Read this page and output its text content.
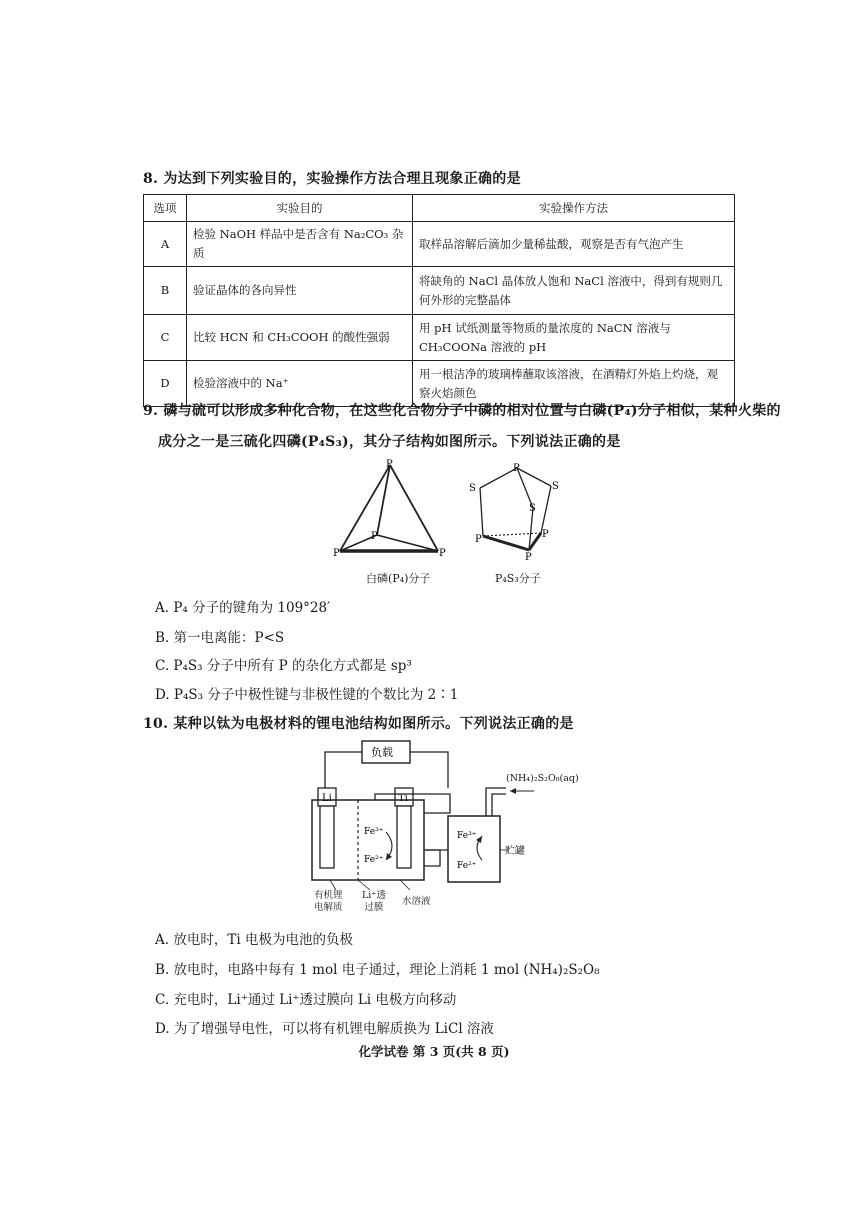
8. 为达到下列实验目的，实验操作方法合理且现象正确的是
选项	实验目的	实验操作方法
A	检验 NaOH 样品中是否含有 Na₂CO₃ 杂质	取样品溶解后滴加少量稀盐酸，观察是否有气泡产生
B	验证晶体的各向异性	将缺角的 NaCl 晶体放人饱和 NaCl 溶液中，得到有规则几何外形的完整晶体
C	比较 HCN 和 CH₃COOH 的酸性强弱	用 pH 试纸测量等物质的量浓度的 NaCN 溶液与 CH₃COONa 溶液的 pH
D	检验溶液中的 Na⁺	用一根洁净的玻璃棒蘸取该溶液，在酒精灯外焰上灼烧，观察火焰颜色
9. 磷与硫可以形成多种化合物，在这些化合物分子中磷的相对位置与白磷(P₄)分子相似，某种火柴的
成分之一是三硫化四磷(P₄S₃)，其分子结构如图所示。下列说法正确的是
P
P
P
P
白磷(P₄)分子
P
S	S
S
P	P
P
P₄S₃分子
A. P₄ 分子的键角为 109°28′
B. 第一电离能：P<S
C. P₄S₃ 分子中所有 P 的杂化方式都是 sp³
D. P₄S₃ 分子中极性键与非极性键的个数比为 2∶1
10. 某种以钛为电极材料的锂电池结构如图所示。下列说法正确的是
负载
Li	Ti
Fe³⁺
Fe²⁺
Fe³⁺
Fe²⁺
贮罐
有机锂
电解质
Li⁺透
过膜
水溶液
(NH₄)₂S₂O₈(aq)
A. 放电时，Ti 电极为电池的负极
B. 放电时，电路中每有 1 mol 电子通过，理论上消耗 1 mol (NH₄)₂S₂O₈
C. 充电时，Li⁺通过 Li⁺透过膜向 Li 电极方向移动
D. 为了增强导电性，可以将有机锂电解质换为 LiCl 溶液
化学试卷 第 3 页(共 8 页)
